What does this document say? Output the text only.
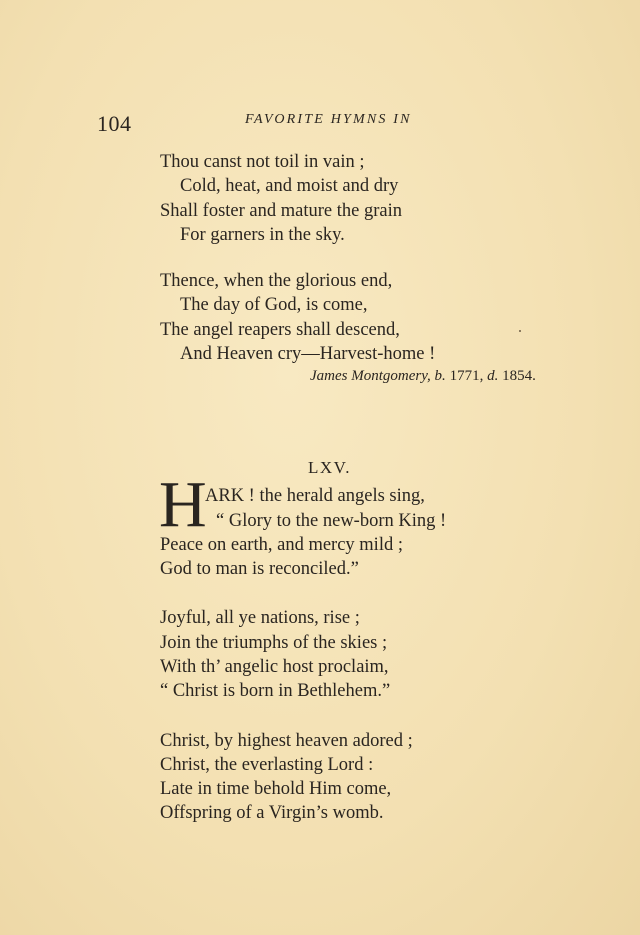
104	FAVORITE HYMNS IN
Thou canst not toil in vain ;
Cold, heat, and moist and dry
Shall foster and mature the grain
For garners in the sky.
Thence, when the glorious end,
The day of God, is come,
The angel reapers shall descend,
And Heaven cry—Harvest-home !
James Montgomery, b. 1771, d. 1854.
LXV.
H
ARK ! the herald angels sing,
“ Glory to the new-born King !
Peace on earth, and mercy mild ;
God to man is reconciled.”
Joyful, all ye nations, rise ;
Join the triumphs of the skies ;
With th’ angelic host proclaim,
“ Christ is born in Bethlehem.”
Christ, by highest heaven adored ;
Christ, the everlasting Lord :
Late in time behold Him come,
Offspring of a Virgin’s womb.
